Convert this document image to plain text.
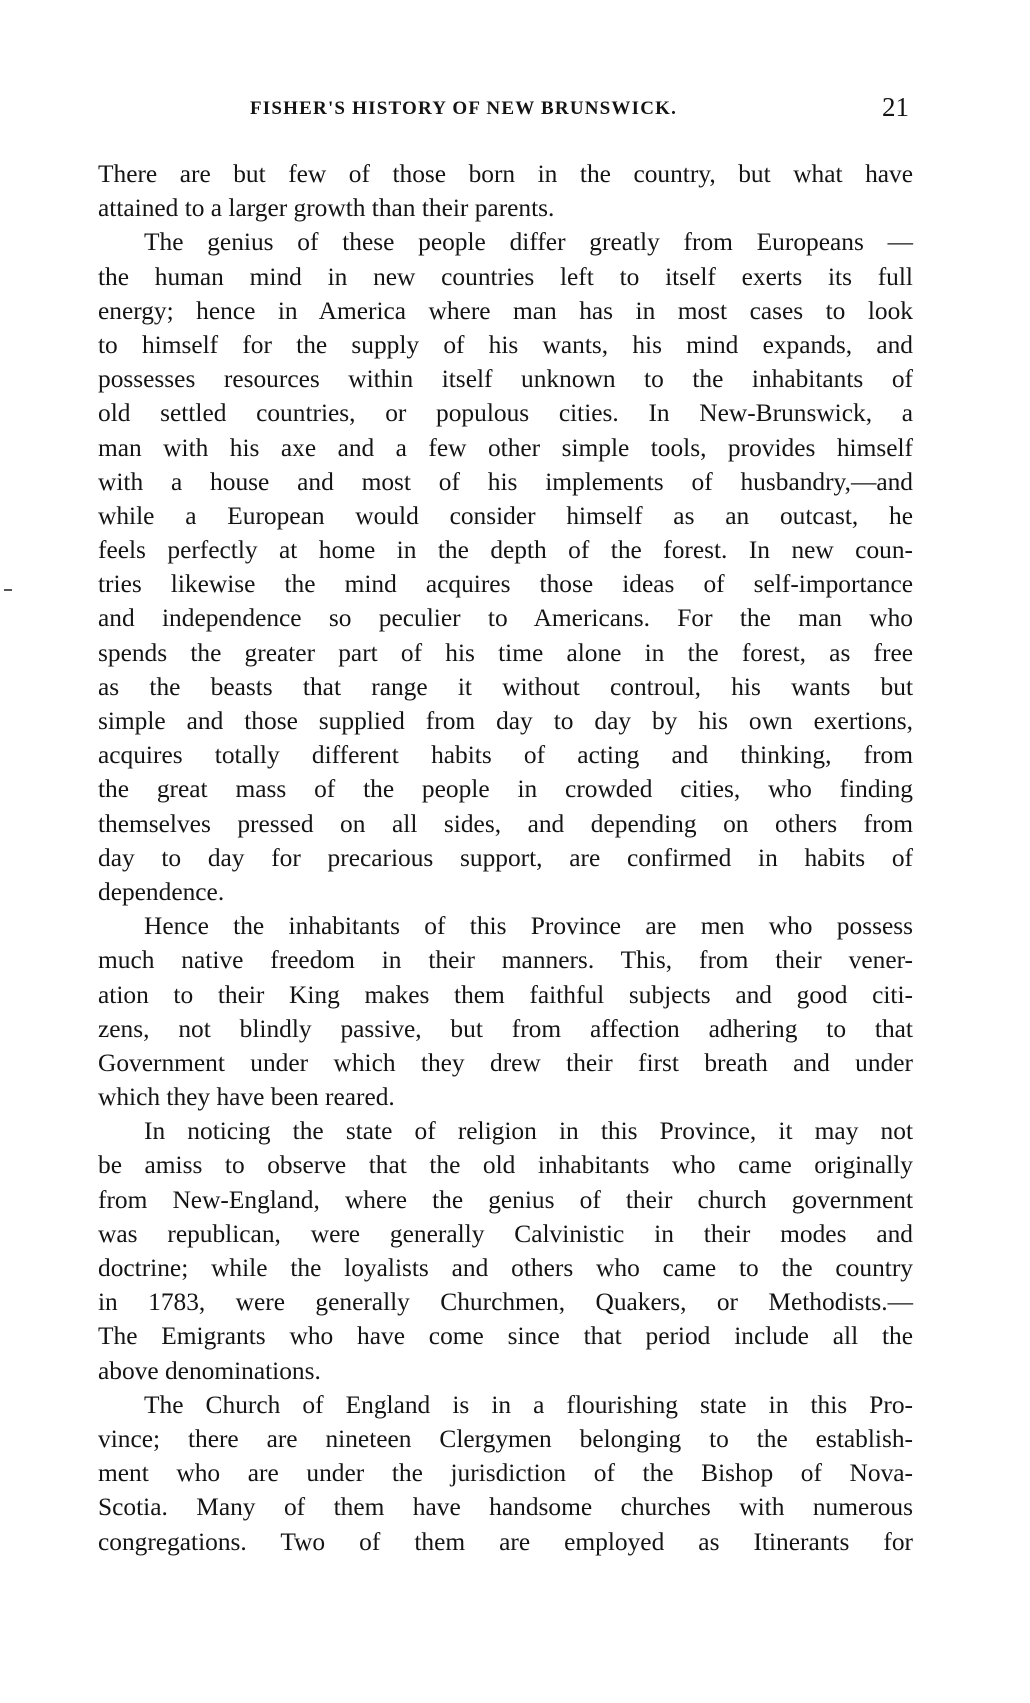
FISHER'S HISTORY OF NEW BRUNSWICK.	21
There are but few of those born in the country, but what have
attained to a larger growth than their parents.
The genius of these people differ greatly from Europeans —
the human mind in new countries left to itself exerts its full
energy; hence in America where man has in most cases to look
to himself for the supply of his wants, his mind expands, and
possesses resources within itself unknown to the inhabitants of
old settled countries, or populous cities. In New-Brunswick, a
man with his axe and a few other simple tools, provides himself
with a house and most of his implements of husbandry,—and
while a European would consider himself as an outcast, he
feels perfectly at home in the depth of the forest. In new coun-
tries likewise the mind acquires those ideas of self-importance
and independence so peculier to Americans. For the man who
spends the greater part of his time alone in the forest, as free
as the beasts that range it without controul, his wants but
simple and those supplied from day to day by his own exertions,
acquires totally different habits of acting and thinking, from
the great mass of the people in crowded cities, who finding
themselves pressed on all sides, and depending on others from
day to day for precarious support, are confirmed in habits of
dependence.
Hence the inhabitants of this Province are men who possess
much native freedom in their manners. This, from their vener-
ation to their King makes them faithful subjects and good citi-
zens, not blindly passive, but from affection adhering to that
Government under which they drew their first breath and under
which they have been reared.
In noticing the state of religion in this Province, it may not
be amiss to observe that the old inhabitants who came originally
from New-England, where the genius of their church government
was republican, were generally Calvinistic in their modes and
doctrine; while the loyalists and others who came to the country
in 1783, were generally Churchmen, Quakers, or Methodists.—
The Emigrants who have come since that period include all the
above denominations.
The Church of England is in a flourishing state in this Pro-
vince; there are nineteen Clergymen belonging to the establish-
ment who are under the jurisdiction of the Bishop of Nova-
Scotia. Many of them have handsome churches with numerous
congregations. Two of them are employed as Itinerants for
